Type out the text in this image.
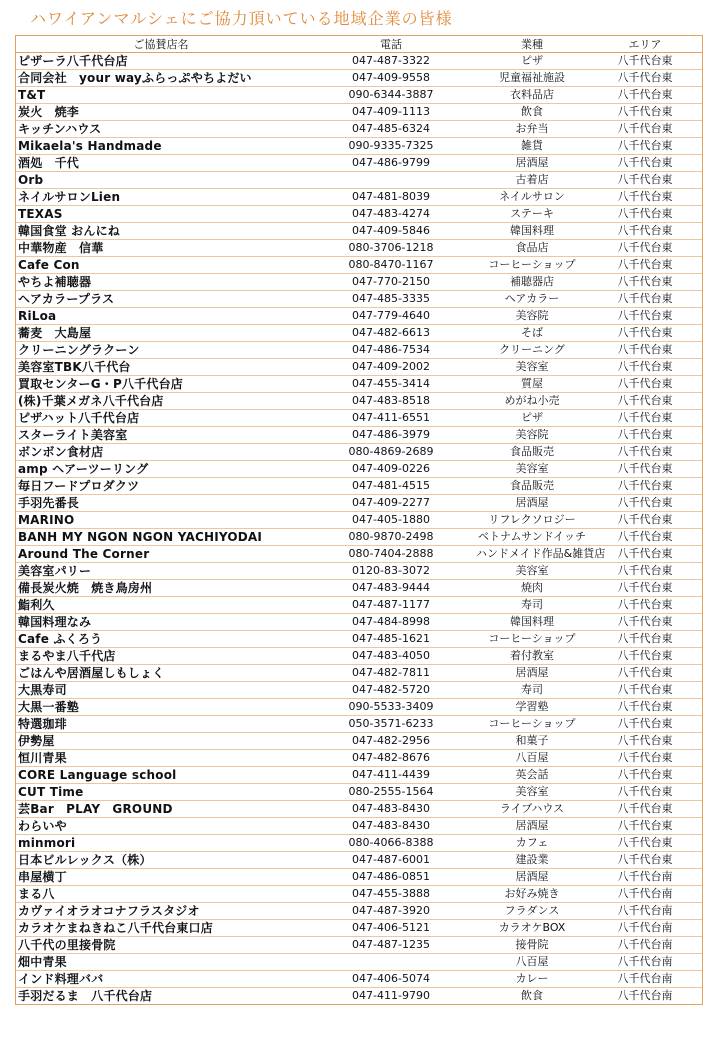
ハワイアンマルシェにご協力頂いている地域企業の皆様
ご協賛店名	電話	業種	エリア
ピザーラ八千代台店	047-487-3322	ピザ	八千代台東
合同会社　your wayふらっぷやちよだい	047-409-9558	児童福祉施設	八千代台東
T&T	090-6344-3887	衣料品店	八千代台東
炭火　焼李	047-409-1113	飲食	八千代台東
キッチンハウス	047-485-6324	お弁当	八千代台東
Mikaela's Handmade	090-9335-7325	雑貨	八千代台東
酒処　千代	047-486-9799	居酒屋	八千代台東
Orb		古着店	八千代台東
ネイルサロンLien	047-481-8039	ネイルサロン	八千代台東
TEXAS	047-483-4274	ステーキ	八千代台東
韓国食堂 おんにね	047-409-5846	韓国料理	八千代台東
中華物産　信華	080-3706-1218	食品店	八千代台東
Cafe Con	080-8470-1167	コーヒーショップ	八千代台東
やちよ補聴器	047-770-2150	補聴器店	八千代台東
ヘアカラープラス	047-485-3335	ヘアカラー	八千代台東
RiLoa	047-779-4640	美容院	八千代台東
蕎麦　大島屋	047-482-6613	そば	八千代台東
クリーニングラクーン	047-486-7534	クリーニング	八千代台東
美容室TBK八千代台	047-409-2002	美容室	八千代台東
買取センターG・P八千代台店	047-455-3414	質屋	八千代台東
(株)千葉メガネ八千代台店	047-483-8518	めがね小売	八千代台東
ピザハット八千代台店	047-411-6551	ピザ	八千代台東
スターライト美容室	047-486-3979	美容院	八千代台東
ボンボン食材店	080-4869-2689	食品販売	八千代台東
amp ヘアーツーリング	047-409-0226	美容室	八千代台東
毎日フードプロダクツ	047-481-4515	食品販売	八千代台東
手羽先番長	047-409-2277	居酒屋	八千代台東
MARINO	047-405-1880	リフレクソロジー	八千代台東
BANH MY NGON NGON YACHIYODAI	080-9870-2498	ベトナムサンドイッチ	八千代台東
Around The Corner	080-7404-2888	ハンドメイド作品&雑貨店	八千代台東
美容室パリー	0120-83-3072	美容室	八千代台東
備長炭火焼　焼き鳥房州	047-483-9444	焼肉	八千代台東
鮨利久	047-487-1177	寿司	八千代台東
韓国料理なみ	047-484-8998	韓国料理	八千代台東
Cafe ふくろう	047-485-1621	コーヒーショップ	八千代台東
まるやま八千代店	047-483-4050	着付教室	八千代台東
ごはんや居酒屋しもしょく	047-482-7811	居酒屋	八千代台東
大黒寿司	047-482-5720	寿司	八千代台東
大黒一番塾	090-5533-3409	学習塾	八千代台東
特選珈琲	050-3571-6233	コーヒーショップ	八千代台東
伊勢屋	047-482-2956	和菓子	八千代台東
恒川青果	047-482-8676	八百屋	八千代台東
CORE Language school	047-411-4439	英会話	八千代台東
CUT Time	080-2555-1564	美容室	八千代台東
芸Bar　PLAY　GROUND	047-483-8430	ライブハウス	八千代台東
わらいや	047-483-8430	居酒屋	八千代台東
minmori	080-4066-8388	カフェ	八千代台東
日本ビルレックス（株）	047-487-6001	建設業	八千代台東
串屋横丁	047-486-0851	居酒屋	八千代台南
まる八	047-455-3888	お好み焼き	八千代台南
カヴァイオラオコナフラスタジオ	047-487-3920	フラダンス	八千代台南
カラオケまねきねこ八千代台東口店	047-406-5121	カラオケBOX	八千代台南
八千代の里接骨院	047-487-1235	接骨院	八千代台南
畑中青果		八百屋	八千代台南
インド料理ババ	047-406-5074	カレー	八千代台南
手羽だるま　八千代台店	047-411-9790	飲食	八千代台南
